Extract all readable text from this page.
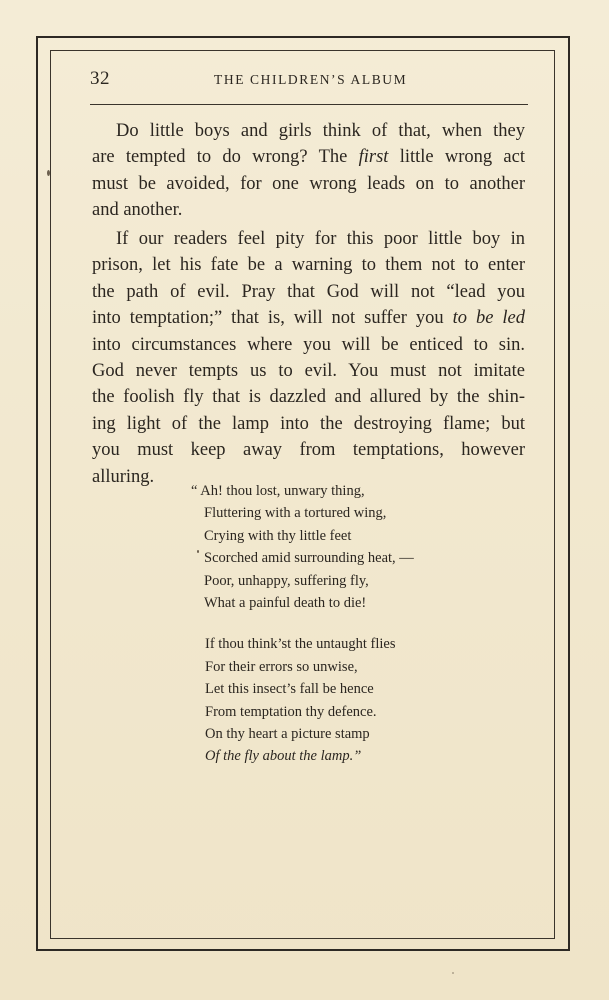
32	THE CHILDREN’S ALBUM
Do little boys and girls think of that, when they
are tempted to do wrong? The first little wrong act
must be avoided, for one wrong leads on to another
and another.
If our readers feel pity for this poor little boy in
prison, let his fate be a warning to them not to enter
the path of evil. Pray that God will not “lead you
into temptation;” that is, will not suffer you to be led
into circumstances where you will be enticed to sin.
God never tempts us to evil. You must not imitate
the foolish fly that is dazzled and allured by the shin-
ing light of the lamp into the destroying flame; but
you must keep away from temptations, however
alluring.
“ Ah! thou lost, unwary thing,
Fluttering with a tortured wing,
Crying with thy little feet
Scorched amid surrounding heat, —
Poor, unhappy, suffering fly,
What a painful death to die!
If thou think’st the untaught flies
For their errors so unwise,
Let this insect’s fall be hence
From temptation thy defence.
On thy heart a picture stamp
Of the fly about the lamp.”
